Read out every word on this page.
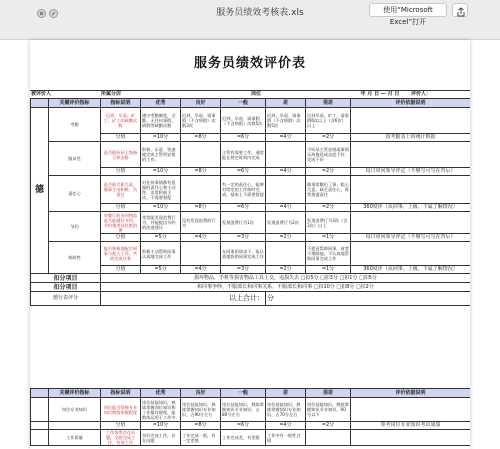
服务员绩效考核表.xls	使用“Microsoft Excel”打开
服务员绩效评价表
被评价人	所属分店		岗位	年 月 日 — 月 日	评价人：
	关键评价指标	指标说明	优秀	良好	一般	差	很差	评价依据说明
德	考勤	迟到、早退、旷工、矿工的缺勤次数	遵守考勤制度，全勤，无任何事假、病假等缺勤次数	迟到、早退、请事假（不含病假）次数3次	迟到、早退、请事假（不含病假）次数5次	迟到、早退、请事假（不含病假）次数5次	迟到早退、旷工、请事假6次以上（含6次）以上	
		分值	=10分	=8分	=6分	=4分	=2分	按考勤表上的统计数据
	服从性	是否能听从上级指示和安排	积极、乐意、快速地完成主管所安排的工作。		主管有需要工作，通常能在规定时间内完成		不听从主管安排或事情无故拖延或态度不好、完成不好	
		分值	=10分	=8分	=6分	=4分	=2分	每日审问领导评定（不够写可写在背后）
	责任心	是否能尽职尽责，做事主动积极、负责任	对任何事情都有很强的责任心和主动性，非常积极主动、不需要督促		有一定的责任心，能够对给定的工作按时完成，基本上不需要督促		做事常敷衍了事，粗心大意，缺乏责任心，时常推诿责任	
		分值	=10分	=8分	=6分	=4分	=2分	360度评（从同事、上级、下属了解情况）
	节约	对餐厅的各项物品是否能做好节约，节约使用及杜绝浪费	常常能发现浪费行为，并能提出节约的改进建议	没有发现浪费的行为	发现浪费行为1次	发现浪费行为2次	发现浪费行为3次（含3次）以上	
		分值	=5分	=4分	=3分	=2分	=1分	每日审问领导评定（不够写可写在背后）
	协助性	能否积极地配合同事与他人工作，共同完成任务	积极主动帮助同事认真地完成工作		在同事的请求下，能认真地协助同事完成工作		不愿意帮助同事，或者不理睬他，不认真地帮助同事完成工作	
		分值	=5分	=4分	=3分	=2分	=1分	360度评（从同事、上级、下属了解情况）
扣分项目		损坏物品，手机等损害物品工具上交，追损失去 □扣5分 □扣3分 □扣1分 □扣5分						
扣分项目		和同事争吵，不服部长和同事关系，不服部长和同事 □扣10分 □扣8分 □扣2分						
德行表评分		以上合计：				分		
	关键评价指标	指标说明	优秀	良好	一般	差	很差	评价依据说明
	岗位专业知识	岗位能否掌握专业知识熟练掌握程度	岗位技能知识，熟练掌握岗位知识和工作操作规程，能熟练运用于工作中	岗位技能知识，熟练掌握知识专业知识，占90分左右	岗位技能知识，熟练掌握知识专业知识，占80分左右	岗位技能知识，熟练掌握知识专业知识，占70分左右	岗位技能知识，熟练掌握知识专业知识，60分以下	
		分值	=10分	=8分	=6分	=4分	=2分	参考岗位专业知识考试成绩
	工作质量	工作效率存在问题，全面完成工作，有效工作	良好完成工作，存在问题	工作完成一般，有一定差错	工作完成差，有差错	工作中有一般性过错		
